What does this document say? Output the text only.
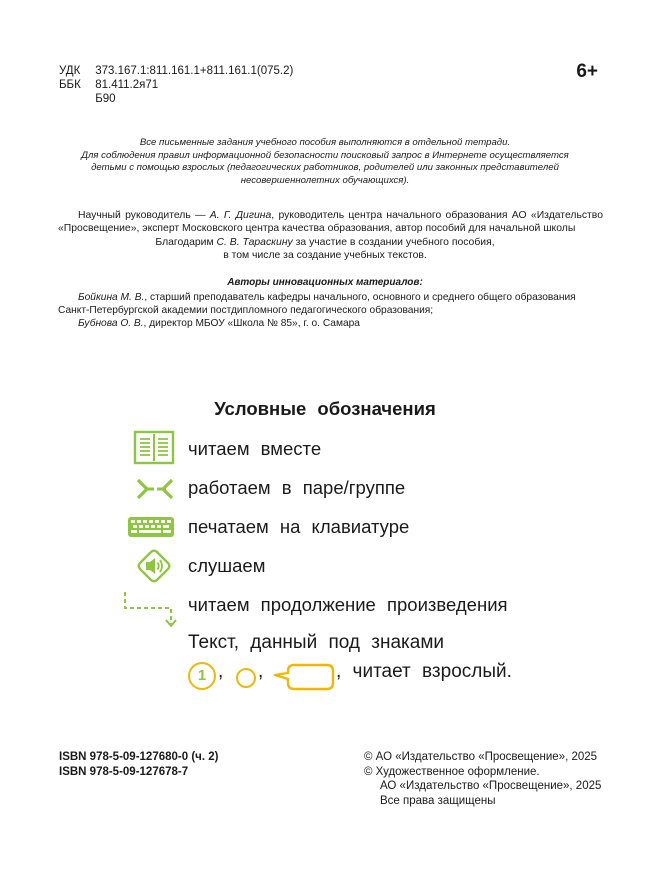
УДК 373.167.1:811.161.1+811.161.1(075.2)
ББК 81.411.2я71
Б90
6+

Все письменные задания учебного пособия выполняются в отдельной тетради.

Для соблюдения правил информационной безопасности поисковый запрос в Интернете осуществляется

детьми с помощью взрослых (педагогических работников, родителей или законных представителей

несовершеннолетних обучающихся).

Научный руководитель — А. Г. Дигина, руководитель центра начального образования АО «Издательство «Просвещение», эксперт Московского центра качества образования, автор пособий для начальной школы

Благодарим С. В. Тараскину за участие в создании учебного пособия,

в том числе за создание учебных текстов.

Авторы инновационных материалов:

Бойкина М. В., старший преподаватель кафедры начального, основного и среднего общего образования

Санкт-Петербургской академии постдипломного педагогического образования;

Бубнова О. В., директор МБОУ «Школа № 85», г. о. Самара

Условные обозначения
читаем вместе
работаем в паре/группе
печатаем на клавиатуре
слушаем
читаем продолжение произведения
Текст, данный под знаками
1 , ,	, читает взрослый.

ISBN 978-5-09-127680-0 (ч. 2)

ISBN 978-5-09-127678-7

© АО «Издательство «Просвещение», 2025

© Художественное оформление.

АО «Издательство «Просвещение», 2025

Все права защищены
